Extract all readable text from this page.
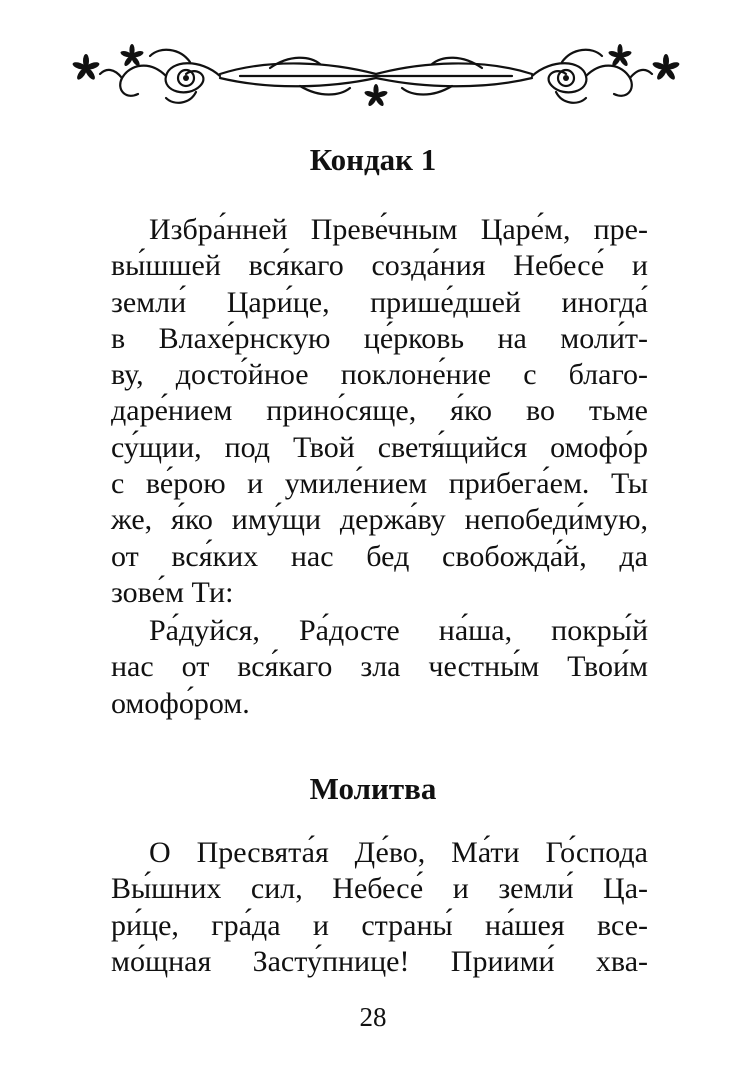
Кондак 1
Избра́нней Преве́чным Царе́м, пре-
вы́шшей вся́каго созда́ния Небесе́ и
земли́ Цари́це, прише́дшей иногда́
в Влахе́рнскую це́рковь на моли́т-
ву, досто́йное поклоне́ние с благо-
даре́нием прино́сяще, я́ко во тьме
су́щии, под Твой светя́щийся омофо́р
с ве́рою и умиле́нием прибега́ем. Ты
же, я́ко иму́щи держа́ву непобеди́мую,
от вся́ких нас бед свобожда́й, да
зове́м Ти:
Ра́дуйся, Ра́досте на́ша, покры́й
нас от вся́каго зла честны́м Твои́м
омофо́ром.
Молитва
О Пресвята́я Де́во, Ма́ти Го́спода
Вы́шних сил, Небесе́ и земли́ Ца-
ри́це, гра́да и страны́ на́шея все-
мо́щная Засту́пнице! Приими́ хва-
28
